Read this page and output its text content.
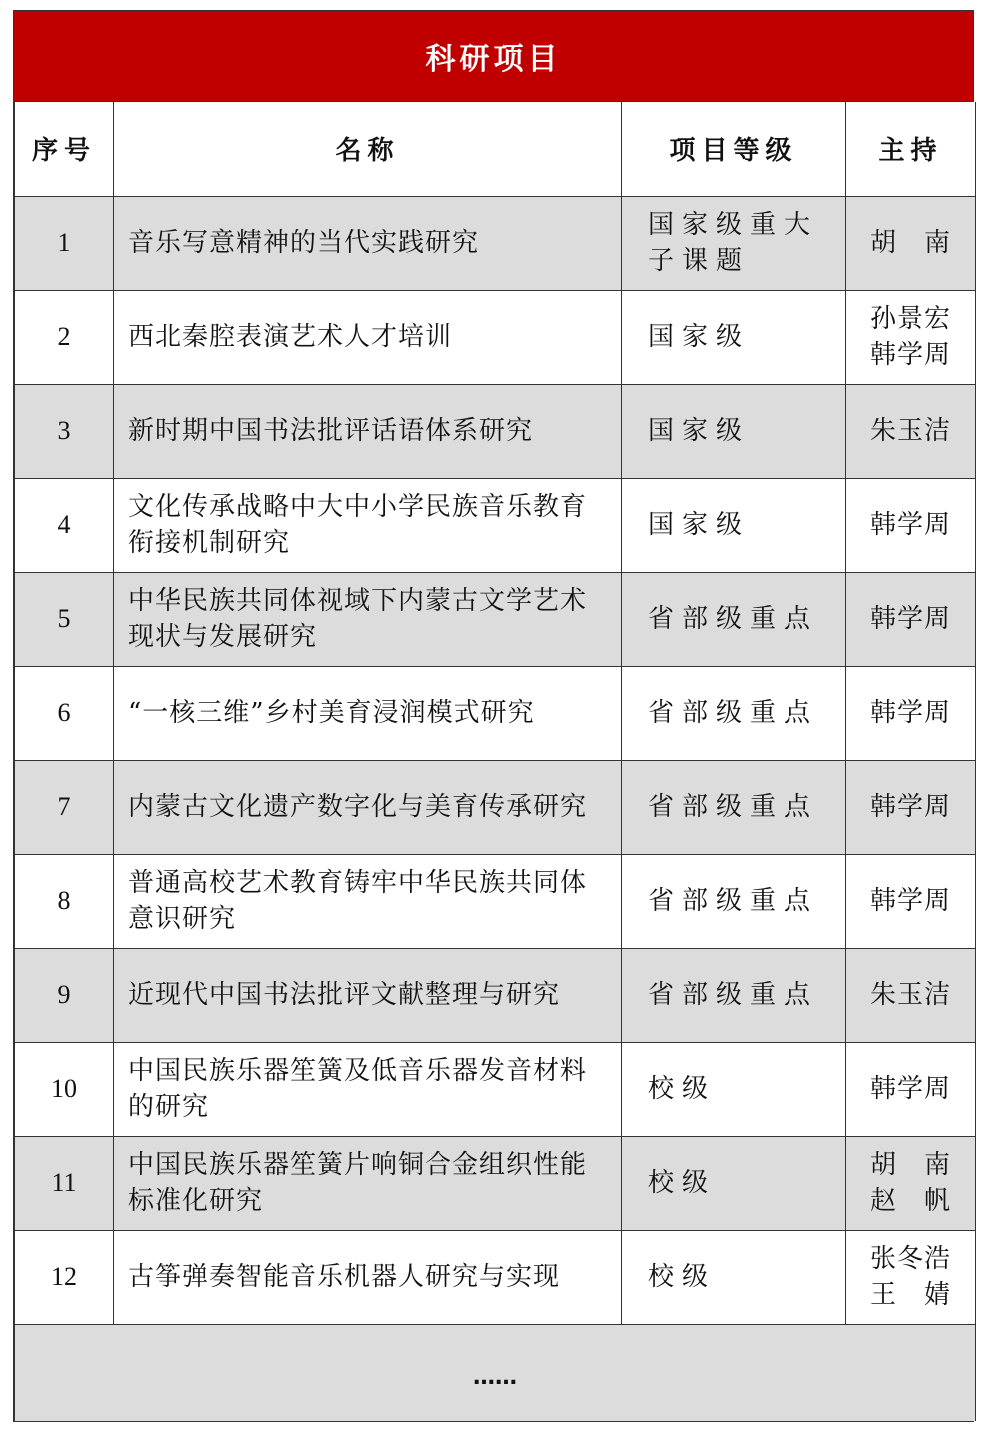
科研项目
序号	名称	项目等级	主持
1	音乐写意精神的当代实践研究	国家级重大子课题	胡　南

2	西北秦腔表演艺术人才培训	国家级	孙景宏
韩学周

3	新时期中国书法批评话语体系研究	国家级	朱玉洁

4	文化传承战略中大中小学民族音乐教育衔接机制研究	国家级	韩学周

5	中华民族共同体视域下内蒙古文学艺术现状与发展研究	省部级重点	韩学周

6	“一核三维”乡村美育浸润模式研究	省部级重点	韩学周

7	内蒙古文化遗产数字化与美育传承研究	省部级重点	韩学周

8	普通高校艺术教育铸牢中华民族共同体意识研究	省部级重点	韩学周

9	近现代中国书法批评文献整理与研究	省部级重点	朱玉洁

10	中国民族乐器笙簧及低音乐器发音材料的研究	校级	韩学周

11	中国民族乐器笙簧片响铜合金组织性能标准化研究	校级	胡　南
赵　帆

12	古筝弹奏智能音乐机器人研究与实现	校级	张冬浩
王　婧

……			
